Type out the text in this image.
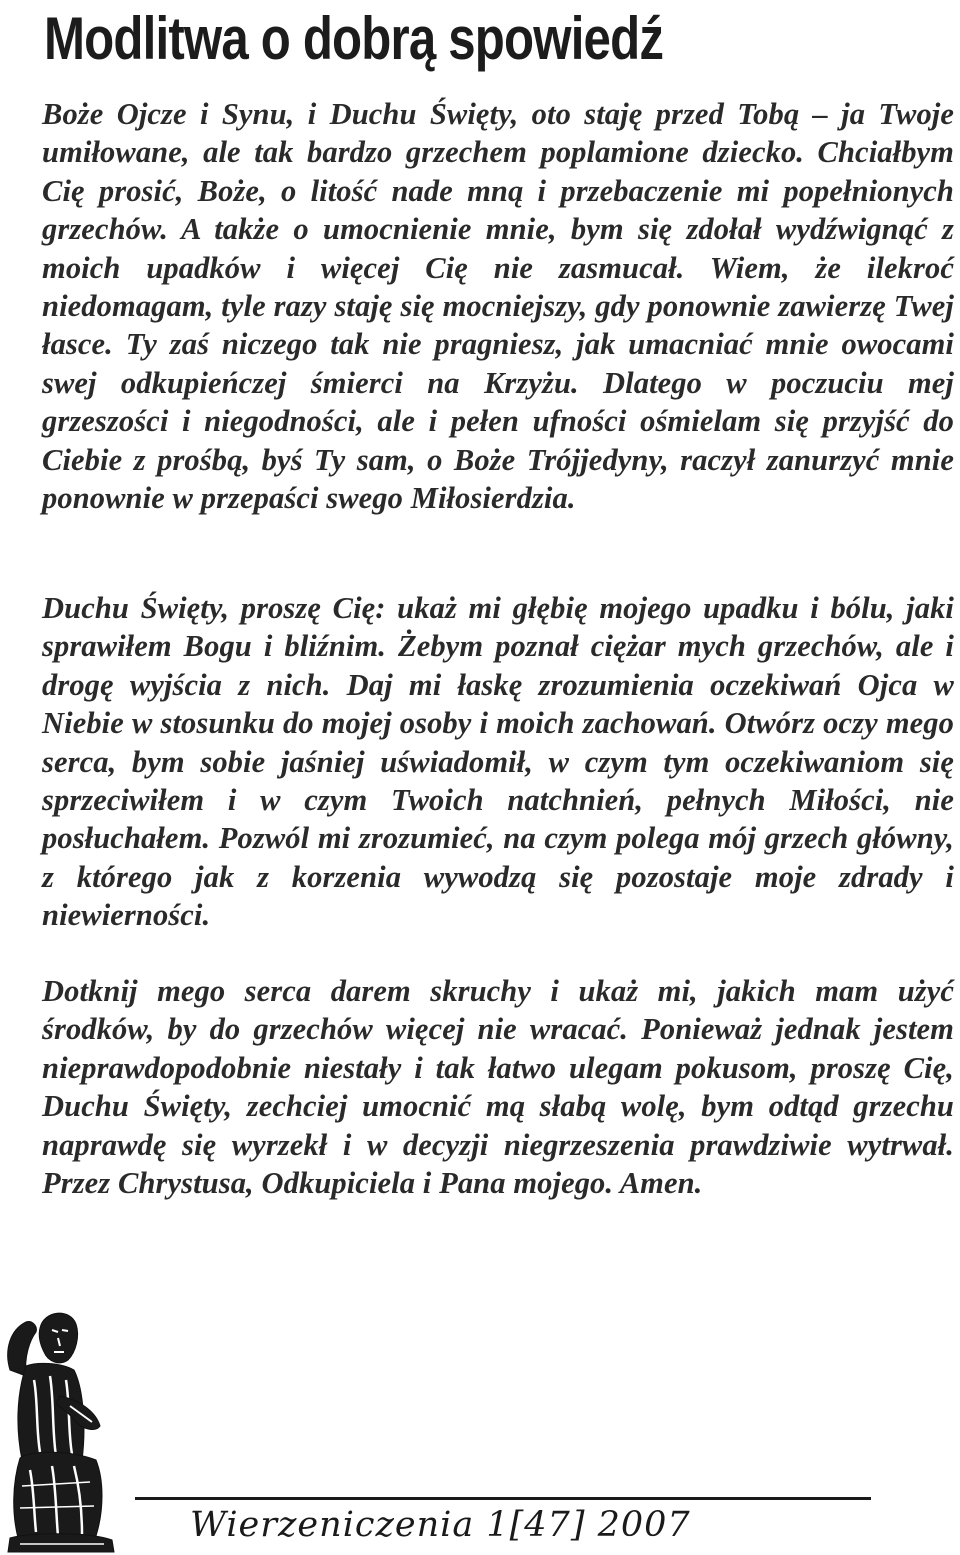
Modlitwa o dobrą spowiedź

Boże Ojcze i Synu, i Duchu Święty, oto staję przed Tobą – ja Twoje umiłowane, ale tak bardzo grzechem poplamione dziecko. Chciałbym Cię prosić, Boże, o litość nade mną i przebaczenie mi popełnionych grzechów. A także o umocnienie mnie, bym się zdołał wydźwignąć z moich upadków i więcej Cię nie zasmucał. Wiem, że ilekroć niedomagam, tyle razy staję się mocniejszy, gdy ponownie zawierzę Twej łasce. Ty zaś niczego tak nie pragniesz, jak umacniać mnie owocami swej odkupieńczej śmierci na Krzyżu. Dlatego w poczuciu mej grzeszości i niegodności, ale i pełen ufności ośmielam się przyjść do Ciebie z prośbą, byś Ty sam, o Boże Trójjedyny, raczył zanurzyć mnie ponownie w przepaści swego Miłosierdzia.

Duchu Święty, proszę Cię: ukaż mi głębię mojego upadku i bólu, jaki sprawiłem Bogu i bliźnim. Żebym poznał ciężar mych grzechów, ale i drogę wyjścia z nich. Daj mi łaskę zrozumienia oczekiwań Ojca w Niebie w stosunku do mojej osoby i moich zachowań. Otwórz oczy mego serca, bym sobie jaśniej uświadomił, w czym tym oczekiwaniom się sprzeciwiłem i w czym Twoich natchnień, pełnych Miłości, nie posłuchałem. Pozwól mi zrozumieć, na czym polega mój grzech główny, z którego jak z korzenia wywodzą się pozostaje moje zdrady i niewierności.

Dotknij mego serca darem skruchy i ukaż mi, jakich mam użyć środków, by do grzechów więcej nie wracać. Ponieważ jednak jestem nieprawdopodobnie niestały i tak łatwo ulegam pokusom, proszę Cię, Duchu Święty, zechciej umocnić mą słabą wolę, bym odtąd grzechu naprawdę się wyrzekł i w decyzji niegrzeszenia prawdziwie wytrwał. Przez Chrystusa, Odkupiciela i Pana mojego. Amen.

Wierzeniczenia 1[47] 2007
